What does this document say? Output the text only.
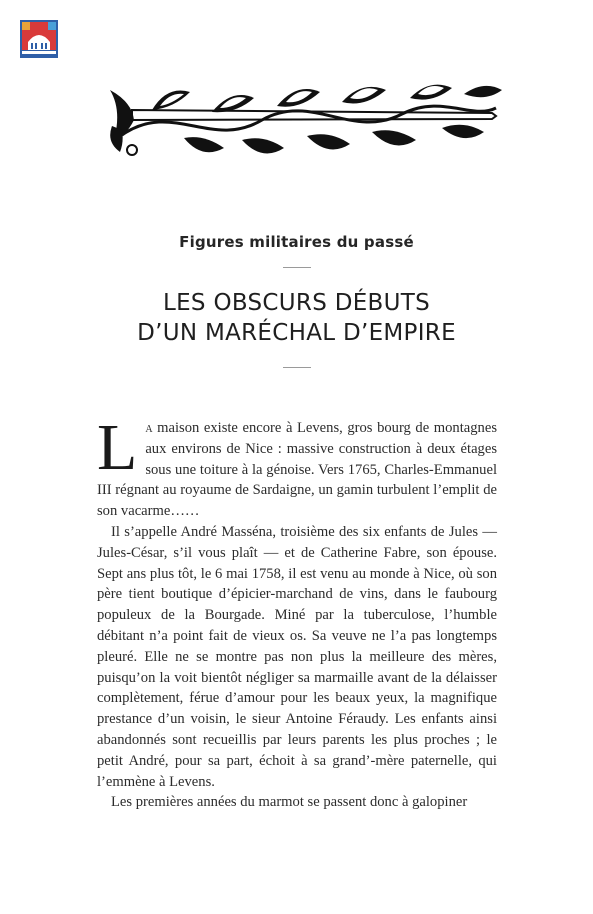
Figures militaires du passé
LES OBSCURS DÉBUTS
D’UN MARÉCHAL D’EMPIRE

La maison existe encore à Levens, gros bourg de montagnes aux environs de Nice : massive construction à deux étages sous une toiture à la génoise. Vers 1765, Charles-Emmanuel III régnant au royaume de Sardaigne, un gamin turbulent l’emplit de son vacarme……

Il s’appelle André Masséna, troisième des six enfants de Jules — Jules-César, s’il vous plaît — et de Catherine Fabre, son épouse. Sept ans plus tôt, le 6 mai 1758, il est venu au monde à Nice, où son père tient boutique d’épicier-marchand de vins, dans le faubourg populeux de la Bourgade. Miné par la tuberculose, l’humble débitant n’a point fait de vieux os. Sa veuve ne l’a pas longtemps pleuré. Elle ne se montre pas non plus la meilleure des mères, puisqu’on la voit bientôt négliger sa marmaille avant de la délaisser complètement, férue d’amour pour les beaux yeux, la magnifique prestance d’un voisin, le sieur Antoine Féraudy. Les enfants ainsi abandonnés sont recueillis par leurs parents les plus proches ; le petit André, pour sa part, échoit à sa grand’-mère paternelle, qui l’emmène à Levens.

Les premières années du marmot se passent donc à galopiner
